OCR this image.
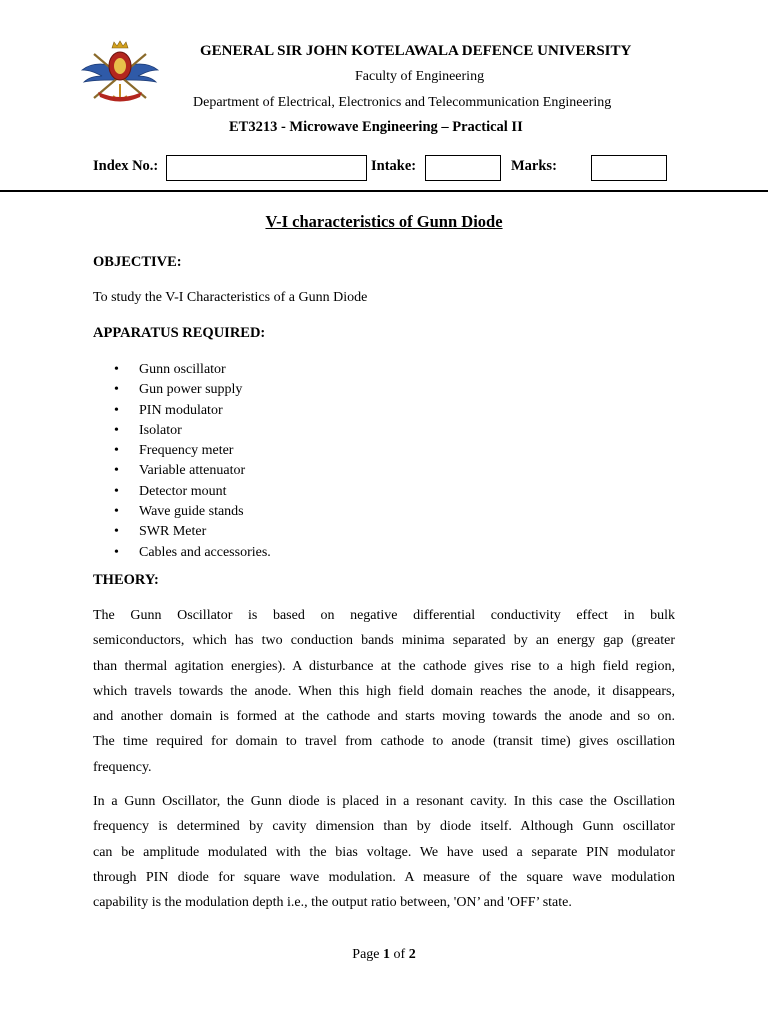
GENERAL SIR JOHN KOTELAWALA DEFENCE UNIVERSITY
Faculty of Engineering
Department of Electrical, Electronics and Telecommunication Engineering
ET3213 - Microwave Engineering – Practical II
Index No.:	Intake:	Marks:
V-I characteristics of Gunn Diode
OBJECTIVE:
To study the V-I Characteristics of a Gunn Diode
APPARATUS REQUIRED:
• Gunn oscillator
• Gun power supply
• PIN modulator
• Isolator
• Frequency meter
• Variable attenuator
• Detector mount
• Wave guide stands
• SWR Meter
• Cables and accessories.
THEORY:
The Gunn Oscillator is based on negative differential conductivity effect in bulk
semiconductors, which has two conduction bands minima separated by an energy gap (greater
than thermal agitation energies). A disturbance at the cathode gives rise to a high field region,
which travels towards the anode. When this high field domain reaches the anode, it disappears,
and another domain is formed at the cathode and starts moving towards the anode and so on.
The time required for domain to travel from cathode to anode (transit time) gives oscillation
frequency.
In a Gunn Oscillator, the Gunn diode is placed in a resonant cavity. In this case the Oscillation
frequency is determined by cavity dimension than by diode itself. Although Gunn oscillator
can be amplitude modulated with the bias voltage. We have used a separate PIN modulator
through PIN diode for square wave modulation. A measure of the square wave modulation
capability is the modulation depth i.e., the output ratio between, 'ON’ and 'OFF’ state.
Page 1 of 2
